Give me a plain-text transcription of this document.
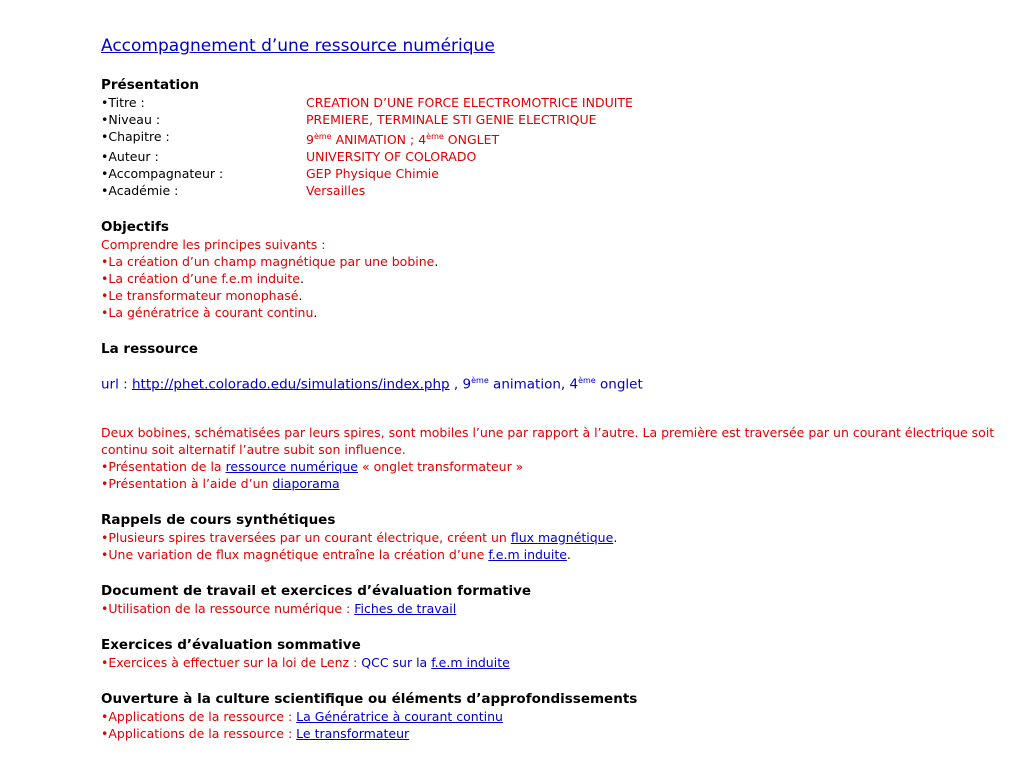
Accompagnement d’une ressource numérique

Présentation

•Titre :	CREATION D’UNE FORCE ELECTROMOTRICE INDUITE
•Niveau :	PREMIERE, TERMINALE STI GENIE ELECTRIQUE
•Chapitre :	9ème ANIMATION ; 4ème ONGLET
•Auteur :	UNIVERSITY OF COLORADO
•Accompagnateur :	GEP Physique Chimie
•Académie :	Versailles

Objectifs

Comprendre les principes suivants :

•La création d’un champ magnétique par une bobine.

•La création d’une f.e.m induite.

•Le transformateur monophasé.

•La génératrice à courant continu.

La ressource

url : http://phet.colorado.edu/simulations/index.php , 9ème animation, 4ème onglet

Deux bobines, schématisées par leurs spires, sont mobiles l’une par rapport à l’autre. La première est traversée par un courant électrique soit continu soit alternatif l’autre subit son influence.

•Présentation de la ressource numérique « onglet transformateur »

•Présentation à l’aide d’un diaporama

Rappels de cours synthétiques

•Plusieurs spires traversées par un courant électrique, créent un flux magnétique.

•Une variation de flux magnétique entraîne la création d’une f.e.m induite.

Document de travail et exercices d’évaluation formative

•Utilisation de la ressource numérique : Fiches de travail

Exercices d’évaluation sommative

•Exercices à effectuer sur la loi de Lenz : QCC sur la f.e.m induite

Ouverture à la culture scientifique ou éléments d’approfondissements

•Applications de la ressource : La Génératrice à courant continu

•Applications de la ressource : Le transformateur
